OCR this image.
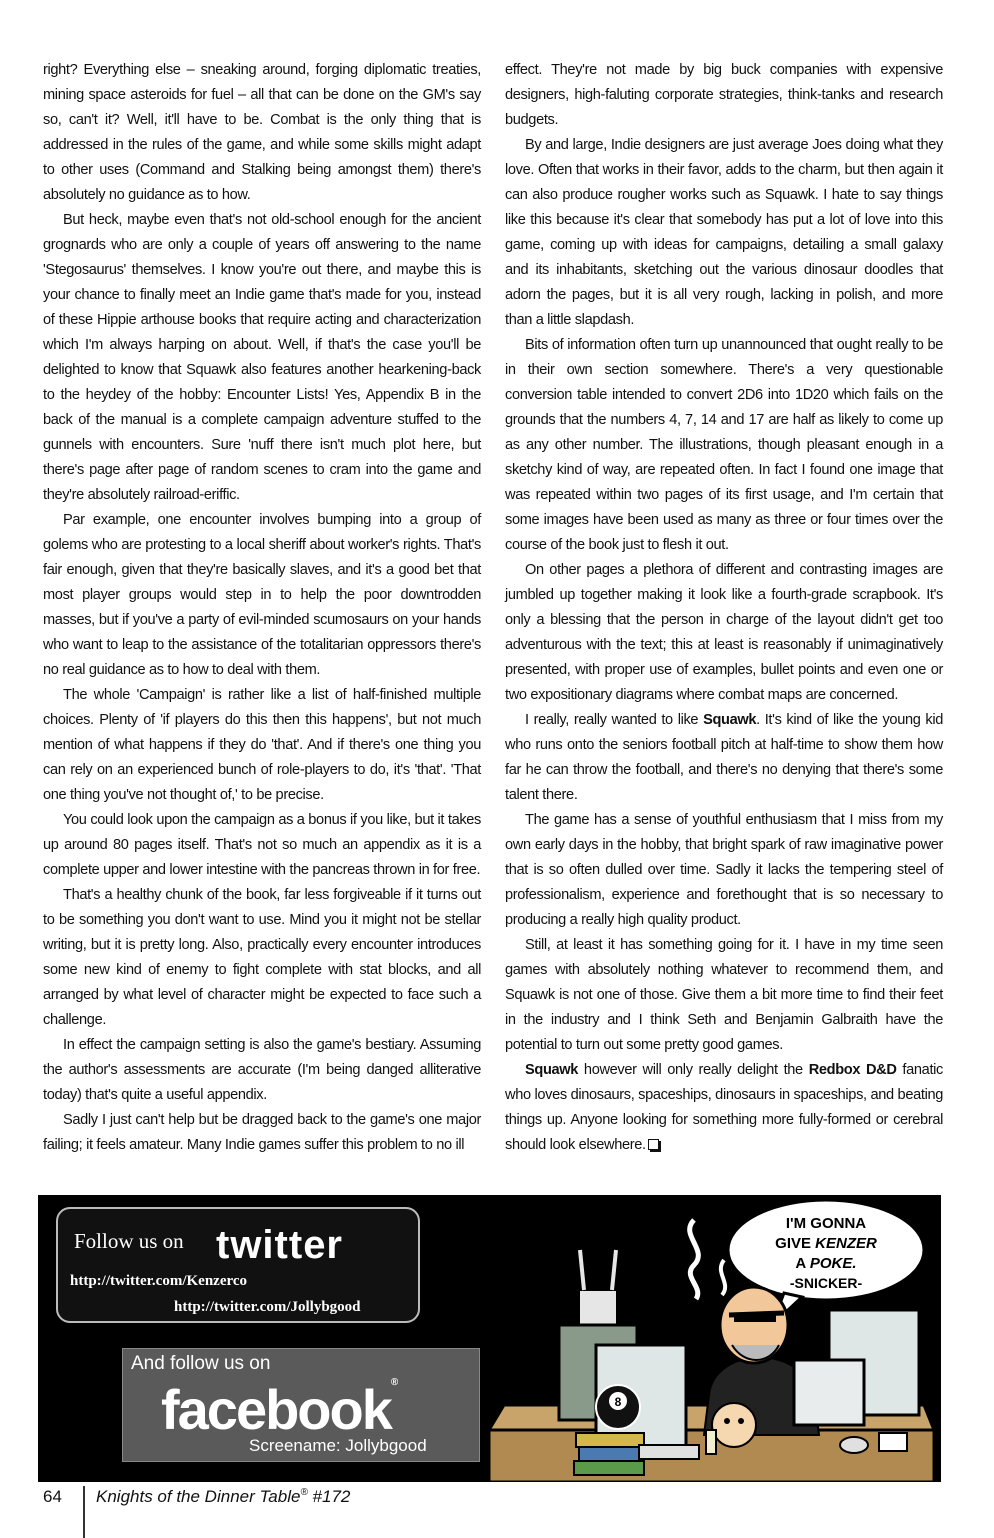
right? Everything else – sneaking around, forging diplomatic treaties, mining space asteroids for fuel – all that can be done on the GM's say so, can't it? Well, it'll have to be. Combat is the only thing that is addressed in the rules of the game, and while some skills might adapt to other uses (Command and Stalking being amongst them) there's absolutely no guidance as to how.

But heck, maybe even that's not old-school enough for the ancient grognards who are only a couple of years off answering to the name 'Stegosaurus' themselves. I know you're out there, and maybe this is your chance to finally meet an Indie game that's made for you, instead of these Hippie arthouse books that require acting and characterization which I'm always harping on about. Well, if that's the case you'll be delighted to know that Squawk also features another hearkening-back to the heydey of the hobby: Encounter Lists! Yes, Appendix B in the back of the manual is a complete campaign adventure stuffed to the gunnels with encounters. Sure 'nuff there isn't much plot here, but there's page after page of random scenes to cram into the game and they're absolutely railroad-eriffic.

Par example, one encounter involves bumping into a group of golems who are protesting to a local sheriff about worker's rights. That's fair enough, given that they're basically slaves, and it's a good bet that most player groups would step in to help the poor downtrodden masses, but if you've a party of evil-minded scumosaurs on your hands who want to leap to the assistance of the totalitarian oppressors there's no real guidance as to how to deal with them.

The whole 'Campaign' is rather like a list of half-finished multiple choices. Plenty of 'if players do this then this happens', but not much mention of what happens if they do 'that'. And if there's one thing you can rely on an experienced bunch of role-players to do, it's 'that'. 'That one thing you've not thought of,' to be precise.

You could look upon the campaign as a bonus if you like, but it takes up around 80 pages itself. That's not so much an appendix as it is a complete upper and lower intestine with the pancreas thrown in for free.

That's a healthy chunk of the book, far less forgiveable if it turns out to be something you don't want to use. Mind you it might not be stellar writing, but it is pretty long. Also, practically every encounter introduces some new kind of enemy to fight complete with stat blocks, and all arranged by what level of character might be expected to face such a challenge.

In effect the campaign setting is also the game's bestiary. Assuming the author's assessments are accurate (I'm being danged alliterative today) that's quite a useful appendix.

Sadly I just can't help but be dragged back to the game's one major failing; it feels amateur. Many Indie games suffer this problem to no ill

effect. They're not made by big buck companies with expensive designers, high-faluting corporate strategies, think-tanks and research budgets.

By and large, Indie designers are just average Joes doing what they love. Often that works in their favor, adds to the charm, but then again it can also produce rougher works such as Squawk. I hate to say things like this because it's clear that somebody has put a lot of love into this game, coming up with ideas for campaigns, detailing a small galaxy and its inhabitants, sketching out the various dinosaur doodles that adorn the pages, but it is all very rough, lacking in polish, and more than a little slapdash.

Bits of information often turn up unannounced that ought really to be in their own section somewhere. There's a very questionable conversion table intended to convert 2D6 into 1D20 which fails on the grounds that the numbers 4, 7, 14 and 17 are half as likely to come up as any other number. The illustrations, though pleasant enough in a sketchy kind of way, are repeated often. In fact I found one image that was repeated within two pages of its first usage, and I'm certain that some images have been used as many as three or four times over the course of the book just to flesh it out.

On other pages a plethora of different and contrasting images are jumbled up together making it look like a fourth-grade scrapbook. It's only a blessing that the person in charge of the layout didn't get too adventurous with the text; this at least is reasonably if unimaginatively presented, with proper use of examples, bullet points and even one or two expositionary diagrams where combat maps are concerned.

I really, really wanted to like Squawk. It's kind of like the young kid who runs onto the seniors football pitch at half-time to show them how far he can throw the football, and there's no denying that there's some talent there.

The game has a sense of youthful enthusiasm that I miss from my own early days in the hobby, that bright spark of raw imaginative power that is so often dulled over time. Sadly it lacks the tempering steel of professionalism, experience and forethought that is so necessary to producing a really high quality product.

Still, at least it has something going for it. I have in my time seen games with absolutely nothing whatever to recommend them, and Squawk is not one of those. Give them a bit more time to find their feet in the industry and I think Seth and Benjamin Galbraith have the potential to turn out some pretty good games.

Squawk however will only really delight the Redbox D&D fanatic who loves dinosaurs, spaceships, dinosaurs in spaceships, and beating things up. Anyone looking for something more fully-formed or cerebral should look elsewhere.

Follow us on twitter
http://twitter.com/Kenzerco
http://twitter.com/Jollybgood
And follow us on
facebook®
Screename: Jollybgood
I'M GONNA
GIVE KENZER
A POKE.
-SNICKER-
8
64 Knights of the Dinner Table® #172
